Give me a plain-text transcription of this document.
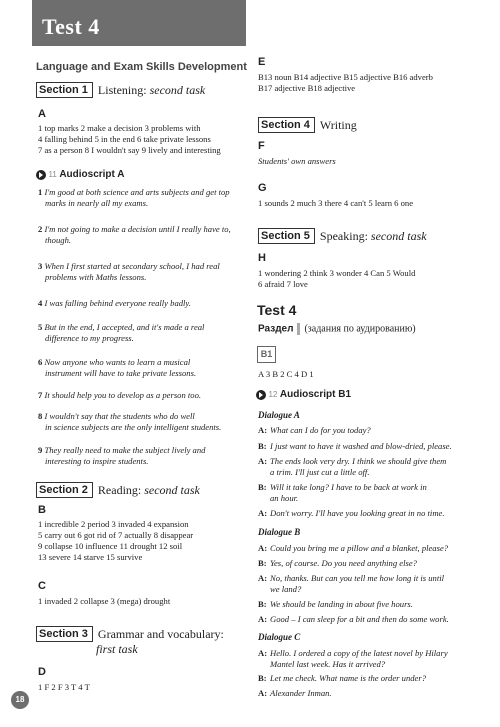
Test 4
Language and Exam Skills Development
Section 1 Listening: second task
A
1 top marks 2 make a decision 3 problems with
4 falling behind 5 in the end 6 take private lessons
7 as a person 8 I wouldn't say 9 lively and interesting
11 Audioscript A
1 I'm good at both science and arts subjects and get top
marks in nearly all my exams.
2 I'm not going to make a decision until I really have to,
though.
3 When I first started at secondary school, I had real
problems with Maths lessons.
4 I was falling behind everyone really badly.
5 But in the end, I accepted, and it's made a real
difference to my progress.
6 Now anyone who wants to learn a musical
instrument will have to take private lessons.
7 It should help you to develop as a person too.
8 I wouldn't say that the students who do well
in science subjects are the only intelligent students.
9 They really need to make the subject lively and
interesting to inspire students.
Section 2 Reading: second task
B
1 incredible 2 period 3 invaded 4 expansion
5 carry out 6 got rid of 7 actually 8 disappear
9 collapse 10 influence 11 drought 12 soil
13 severe 14 starve 15 survive
C
1 invaded 2 collapse 3 (mega) drought
Section 3 Grammar and vocabulary:
first task
D
1 F 2 F 3 T 4 T
18
E
B13 noun B14 adjective B15 adjective B16 adverb
B17 adjective B18 adjective
Section 4 Writing
F
Students' own answers
G
1 sounds 2 much 3 there 4 can't 5 learn 6 one
Section 5 Speaking: second task
H
1 wondering 2 think 3 wonder 4 Can 5 Would
6 afraid 7 love
Test 4
Раздел (задания по аудированию)
B1
A 3 B 2 C 4 D 1
12 Audioscript B1
Dialogue A
A: What can I do for you today?
B: I just want to have it washed and blow-dried, please.
A: The ends look very dry. I think we should give them
a trim. I'll just cut a little off.
B: Will it take long? I have to be back at work in
an hour.
A: Don't worry. I'll have you looking great in no time.
Dialogue B
A: Could you bring me a pillow and a blanket, please?
B: Yes, of course. Do you need anything else?
A: No, thanks. But can you tell me how long it is until
we land?
B: We should be landing in about five hours.
A: Good – I can sleep for a bit and then do some work.
Dialogue C
A: Hello. I ordered a copy of the latest novel by Hilary
Mantel last week. Has it arrived?
B: Let me check. What name is the order under?
A: Alexander Inman.
